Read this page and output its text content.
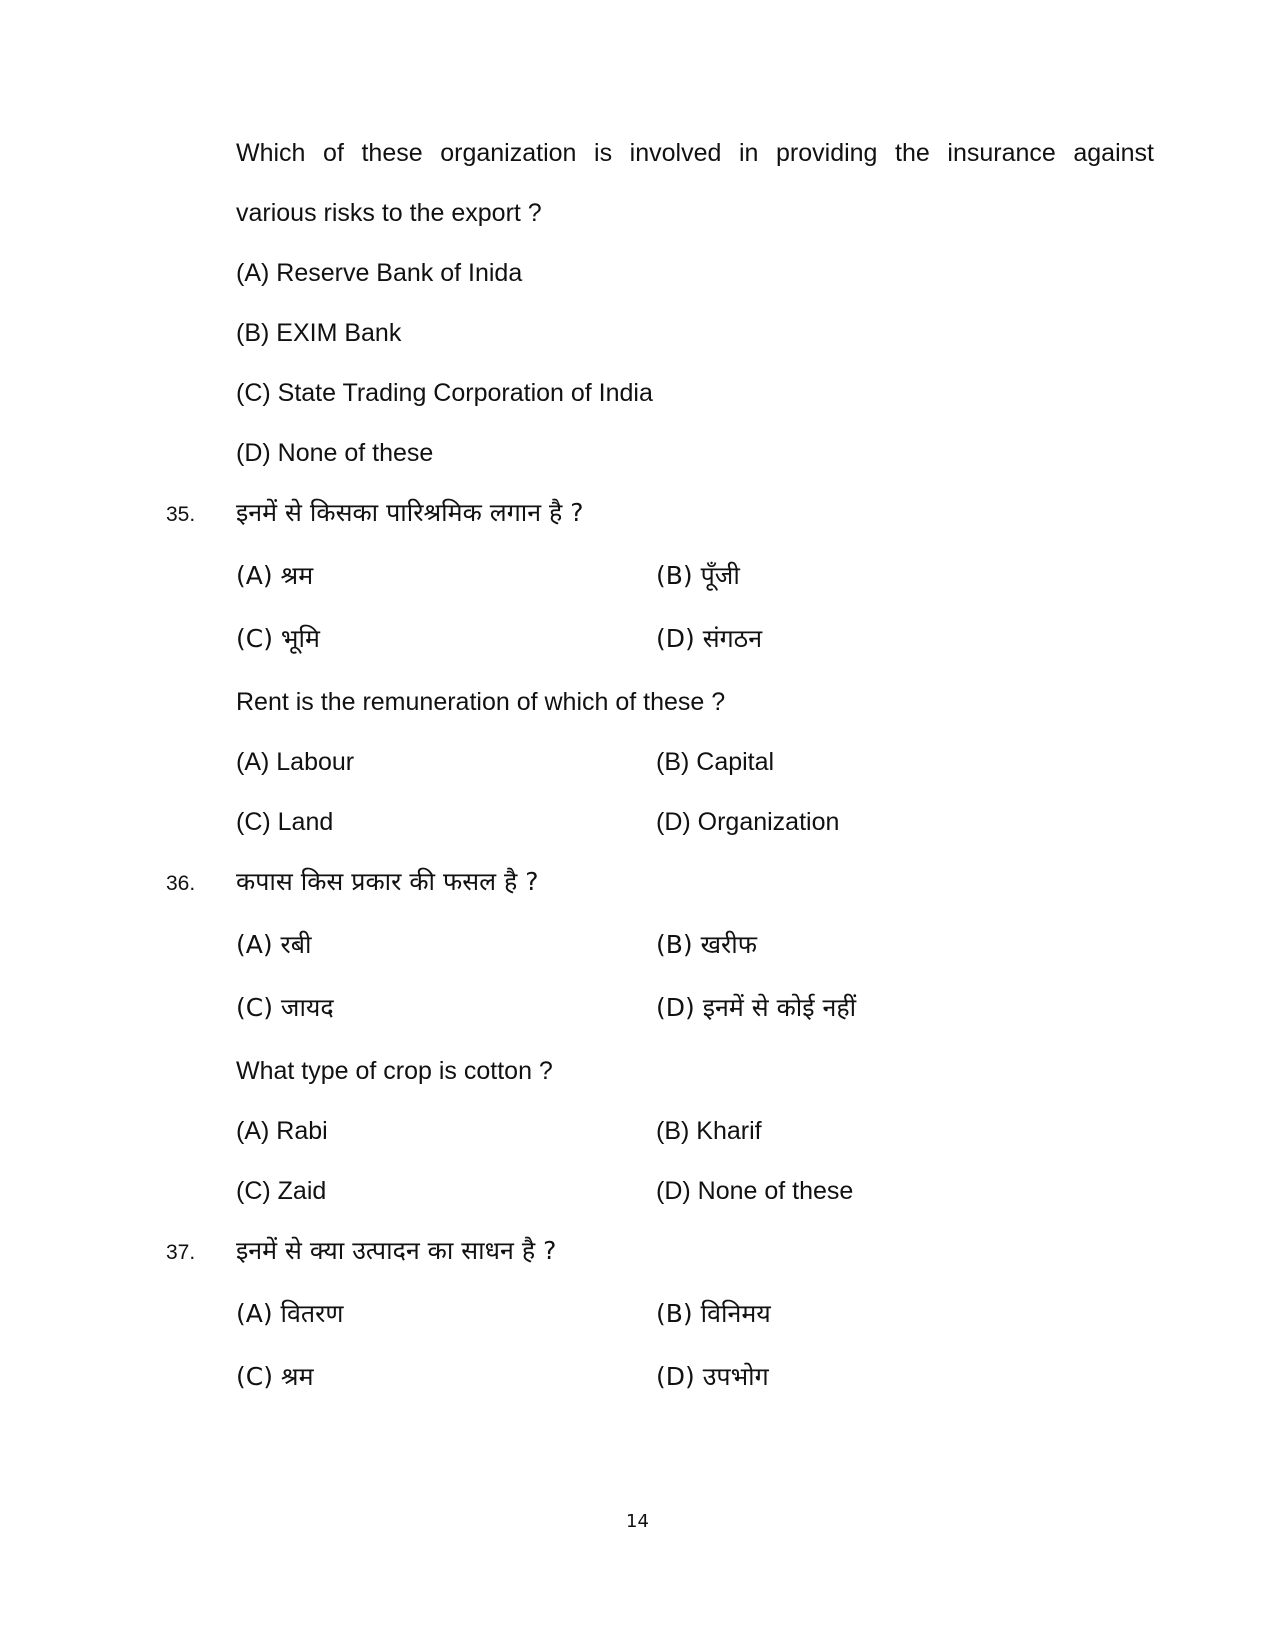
Which of these organization is involved in providing the insurance against
various risks to the export ?
(A) Reserve Bank of Inida
(B) EXIM Bank
(C) State Trading Corporation of India
(D) None of these
35. इनमें से किसका पारिश्रमिक लगान है ?
(A) श्रम	(B) पूँजी
(C) भूमि	(D) संगठन
Rent is the remuneration of which of these ?
(A) Labour	(B) Capital
(C) Land	(D) Organization
36. कपास किस प्रकार की फसल है ?
(A) रबी	(B) खरीफ
(C) जायद	(D) इनमें से कोई नहीं
What type of crop is cotton ?
(A) Rabi	(B) Kharif
(C) Zaid	(D) None of these
37. इनमें से क्या उत्पादन का साधन है ?
(A) वितरण	(B) विनिमय
(C) श्रम	(D) उपभोग
14
